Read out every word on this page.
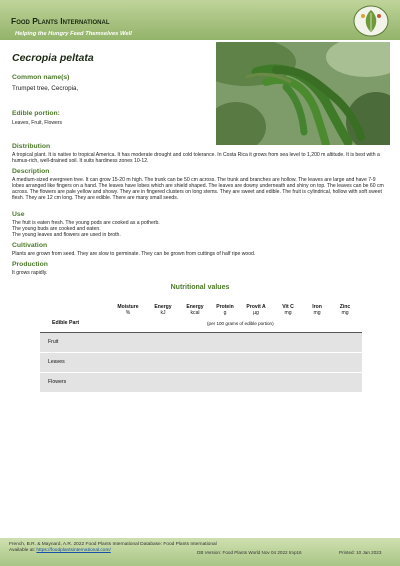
Food Plants International
Helping the Hungry Feed Themselves Well
Cecropia peltata
Common name(s)
Trumpet tree, Cecropia,
Edible portion:
Leaves, Fruit, Flowers
Distribution
A tropical plant. It is native to tropical America. It has moderate drought and cold tolerance. In Costa Rica it grows from sea level to 1,200 m altitude. It is best with a humus-rich, well-drained soil. It suits hardiness zones 10-12.
Description
A medium-sized evergreen tree. It can grow 15-20 m high. The trunk can be 50 cm across. The trunk and branches are hollow. The leaves are large and have 7-9 lobes arranged like fingers on a hand. The leaves have lobes which are shield shaped. The leaves are downy underneath and shiny on top. The leaves can be 60 cm across. The flowers are pale yellow and showy. They are in fingered clusters on long stems. They are sweet and edible. The fruit is cylindrical, hollow with soft sweet flesh. They are 12 cm long. They are edible. There are many small seeds.
Use
The fruit is eaten fresh. The young pods are cooked as a potherb.
The young buds are cooked and eaten.
The young leaves and flowers are used in broth.
Cultivation
Plants are grown from seed. They are slow to germinate. They can be grown from cuttings of half ripe wood.
Production
It grows rapidly.
Nutritional values
Edible Part
Moisture
%
Energy
kJ
Energy
kcal
Protein
g
Provit A
µg
Vit C
mg
Iron
mg
Zinc
mg
(per 100 grams of edible portion)
Fruit
Leaves
Flowers
French, B.R. & Maynard, A.R. 2022 Food Plants International Database: Food Plants International
Available at: https://foodplantsinternational.com/	DB Version: Food Plants World Nov 04 2022 tmp16	Printed: 10 Jan 2023
